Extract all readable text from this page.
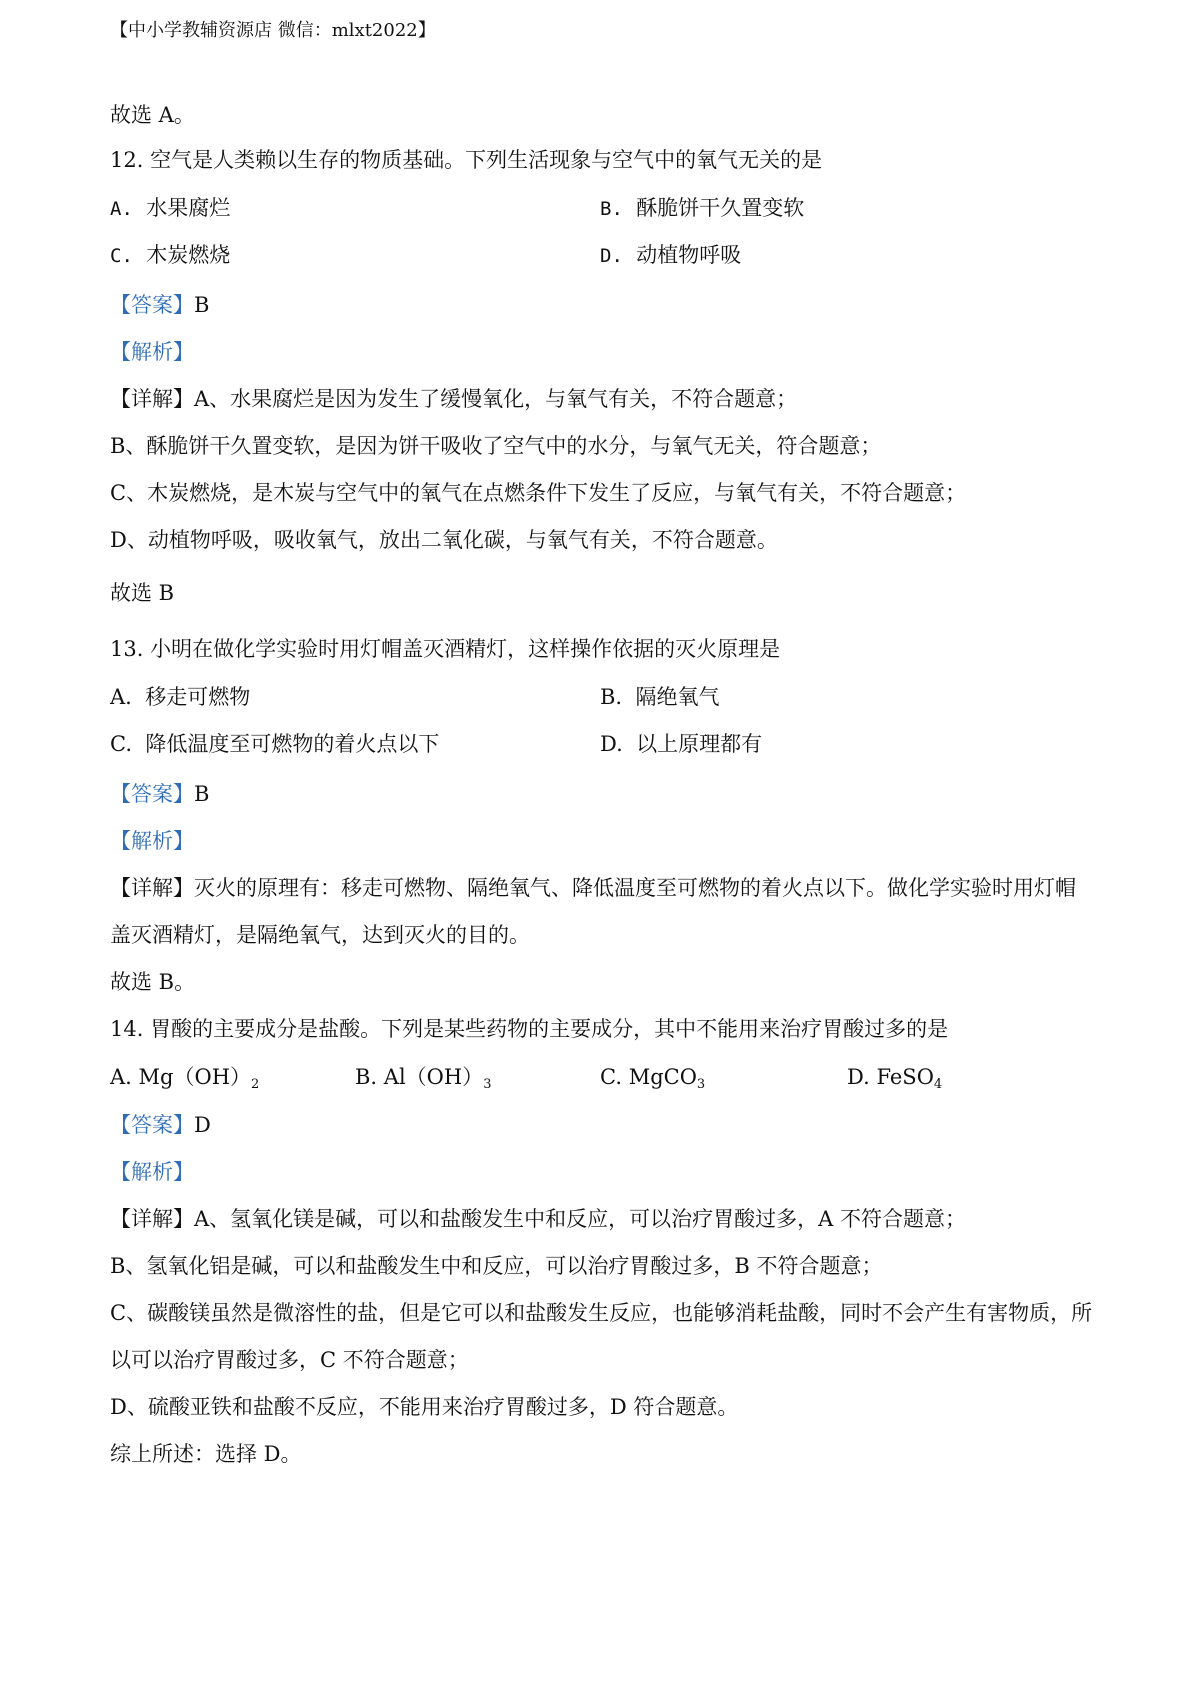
【中小学教辅资源店 微信：mlxt2022】
故选 A。
12. 空气是人类赖以生存的物质基础。下列生活现象与空气中的氧气无关的是
A. 水果腐烂	B. 酥脆饼干久置变软
C. 木炭燃烧	D. 动植物呼吸
【答案】B
【解析】
【详解】A、水果腐烂是因为发生了缓慢氧化，与氧气有关，不符合题意；
B、酥脆饼干久置变软，是因为饼干吸收了空气中的水分，与氧气无关，符合题意；
C、木炭燃烧，是木炭与空气中的氧气在点燃条件下发生了反应，与氧气有关，不符合题意；
D、动植物呼吸，吸收氧气，放出二氧化碳，与氧气有关，不符合题意。
故选 B
13. 小明在做化学实验时用灯帽盖灭酒精灯，这样操作依据的灭火原理是
A. 移走可燃物	B. 隔绝氧气
C. 降低温度至可燃物的着火点以下	D. 以上原理都有
【答案】B
【解析】
【详解】灭火的原理有：移走可燃物、隔绝氧气、降低温度至可燃物的着火点以下。做化学实验时用灯帽
盖灭酒精灯，是隔绝氧气，达到灭火的目的。
故选 B。
14. 胃酸的主要成分是盐酸。下列是某些药物的主要成分，其中不能用来治疗胃酸过多的是
A. $Mg(OH)_2$	B. $Al(OH)_3$	C. MgCO$_3$	D. FeSO$_4$
【答案】D
【解析】
【详解】A、氢氧化镁是碱，可以和盐酸发生中和反应，可以治疗胃酸过多，A 不符合题意；
B、氢氧化铝是碱，可以和盐酸发生中和反应，可以治疗胃酸过多，B 不符合题意；
C、碳酸镁虽然是微溶性的盐，但是它可以和盐酸发生反应，也能够消耗盐酸，同时不会产生有害物质，所
以可以治疗胃酸过多，C 不符合题意；
D、硫酸亚铁和盐酸不反应，不能用来治疗胃酸过多，D 符合题意。
综上所述：选择 D。
